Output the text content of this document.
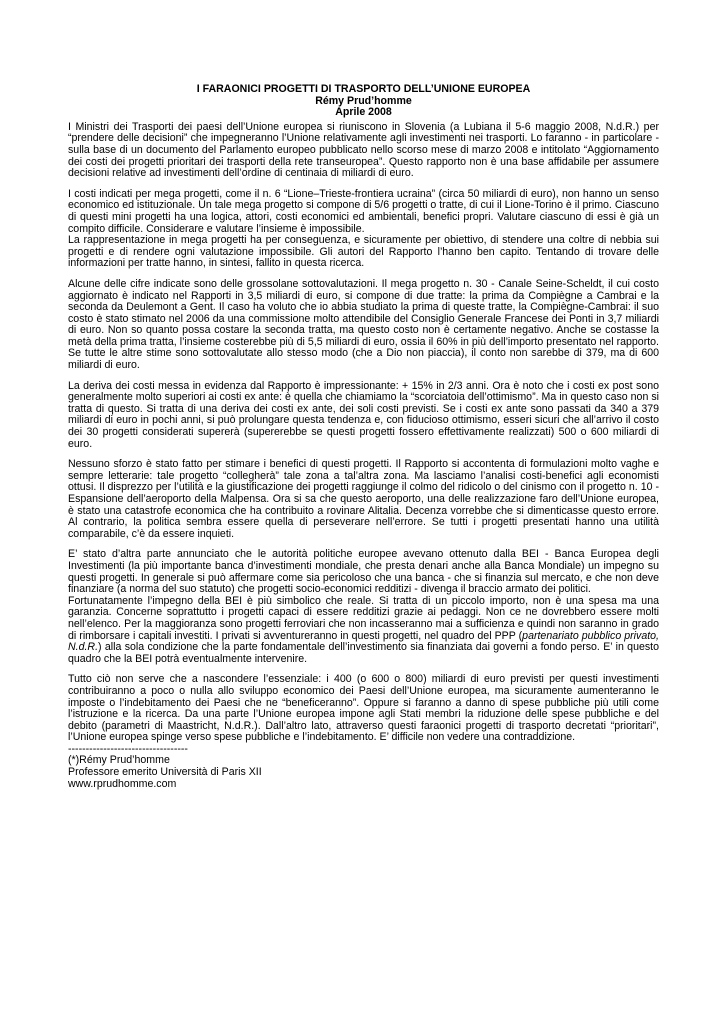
I FARAONICI PROGETTI DI TRASPORTO DELL’UNIONE EUROPEA
Rémy Prud’homme
Aprile 2008

I Ministri dei Trasporti dei paesi dell’Unione europea si riuniscono in Slovenia (a Lubiana il 5-6 maggio 2008, N.d.R.) per “prendere delle decisioni” che impegneranno l’Unione relativamente agli investimenti nei trasporti. Lo faranno - in particolare - sulla base di un documento del Parlamento europeo pubblicato nello scorso mese di marzo 2008 e intitolato “Aggiornamento dei costi dei progetti prioritari dei trasporti della rete transeuropea”. Questo rapporto non è una base affidabile per assumere decisioni relative ad investimenti dell’ordine di centinaia di miliardi di euro.

I costi indicati per mega progetti, come il n. 6 “Lione–Trieste-frontiera ucraina” (circa 50 miliardi di euro), non hanno un senso economico ed istituzionale. Un tale mega progetto si compone di 5/6 progetti o tratte, di cui il Lione-Torino è il primo. Ciascuno di questi mini progetti ha una logica, attori, costi economici ed ambientali, benefici propri. Valutare ciascuno di essi è già un compito difficile. Considerare e valutare l’insieme è impossibile.

La rappresentazione in mega progetti ha per conseguenza, e sicuramente per obiettivo, di stendere una coltre di nebbia sui progetti e di rendere ogni valutazione impossibile. Gli autori del Rapporto l’hanno ben capito. Tentando di trovare delle informazioni per tratte hanno, in sintesi, fallito in questa ricerca.

Alcune delle cifre indicate sono delle grossolane sottovalutazioni. Il mega progetto n. 30 - Canale Seine-Scheldt, il cui costo aggiornato è indicato nel Rapporti in 3,5 miliardi di euro, si compone di due tratte: la prima da Compiègne a Cambrai e la seconda da Deulemont a Gent. Il caso ha voluto che io abbia studiato la prima di queste tratte, la Compiègne-Cambrai: il suo costo è stato stimato nel 2006 da una commissione molto attendibile del Consiglio Generale Francese dei Ponti in 3,7 miliardi di euro. Non so quanto possa costare la seconda tratta, ma questo costo non è certamente negativo. Anche se costasse la metà della prima tratta, l’insieme costerebbe più di 5,5 miliardi di euro, ossia il 60% in più dell’importo presentato nel rapporto. Se tutte le altre stime sono sottovalutate allo stesso modo (che a Dio non piaccia), il conto non sarebbe di 379, ma di 600 miliardi di euro.

La deriva dei costi messa in evidenza dal Rapporto è impressionante: + 15% in 2/3 anni. Ora è noto che i costi ex post sono generalmente molto superiori ai costi ex ante: è quella che chiamiamo la “scorciatoia dell’ottimismo”. Ma in questo caso non si tratta di questo. Si tratta di una deriva dei costi ex ante, dei soli costi previsti. Se i costi ex ante sono passati da 340 a 379 miliardi di euro in pochi anni, si può prolungare questa tendenza e, con fiducioso ottimismo, esseri sicuri che all’arrivo il costo dei 30 progetti considerati supererà (supererebbe se questi progetti fossero effettivamente realizzati) 500 o 600 miliardi di euro.

Nessuno sforzo è stato fatto per stimare i benefici di questi progetti. Il Rapporto si accontenta di formulazioni molto vaghe e sempre letterarie: tale progetto “collegherà” tale zona a tal’altra zona. Ma lasciamo l’analisi costi-benefici agli economisti ottusi. Il disprezzo per l’utilità e la giustificazione dei progetti raggiunge il colmo del ridicolo o del cinismo con il progetto n. 10 - Espansione dell’aeroporto della Malpensa. Ora si sa che questo aeroporto, una delle realizzazione faro dell’Unione europea, è stato una catastrofe economica che ha contribuito a rovinare Alitalia. Decenza vorrebbe che si dimenticasse questo errore. Al contrario, la politica sembra essere quella di perseverare nell’errore. Se tutti i progetti presentati hanno una utilità comparabile, c’è da essere inquieti.

E’ stato d’altra parte annunciato che le autorità politiche europee avevano ottenuto dalla BEI - Banca Europea degli Investimenti (la più importante banca d’investimenti mondiale, che presta denari anche alla Banca Mondiale) un impegno su questi progetti. In generale si può affermare come sia pericoloso che una banca - che si finanzia sul mercato, e che non deve finanziare (a norma del suo statuto) che progetti socio-economici redditizi - divenga il braccio armato dei politici.

Fortunatamente l’impegno della BEI è più simbolico che reale. Si tratta di un piccolo importo, non è una spesa ma una garanzia. Concerne soprattutto i progetti capaci di essere redditizi grazie ai pedaggi. Non ce ne dovrebbero essere molti nell’elenco. Per la maggioranza sono progetti ferroviari che non incasseranno mai a sufficienza e quindi non saranno in grado di rimborsare i capitali investiti. I privati si avventureranno in questi progetti, nel quadro del PPP (partenariato pubblico privato, N.d.R.) alla sola condizione che la parte fondamentale dell’investimento sia finanziata dai governi a fondo perso. E’ in questo quadro che la BEI potrà eventualmente intervenire.

Tutto ciò non serve che a nascondere l’essenziale: i 400 (o 600 o 800) miliardi di euro previsti per questi investimenti contribuiranno a poco o nulla allo sviluppo economico dei Paesi dell’Unione europea, ma sicuramente aumenteranno le imposte o l’indebitamento dei Paesi che ne “beneficeranno”. Oppure si faranno a danno di spese pubbliche più utili come l’istruzione e la ricerca. Da una parte l’Unione europea impone agli Stati membri la riduzione delle spese pubbliche e del debito (parametri di Maastricht, N.d.R.). Dall’altro lato, attraverso questi faraonici progetti di trasporto decretati “prioritari”, l’Unione europea spinge verso spese pubbliche e l’indebitamento. E’ difficile non vedere una contraddizione.

----------------------------------
(*)Rémy Prud’homme
Professore emerito Università di Paris XII
www.rprudhomme.com
